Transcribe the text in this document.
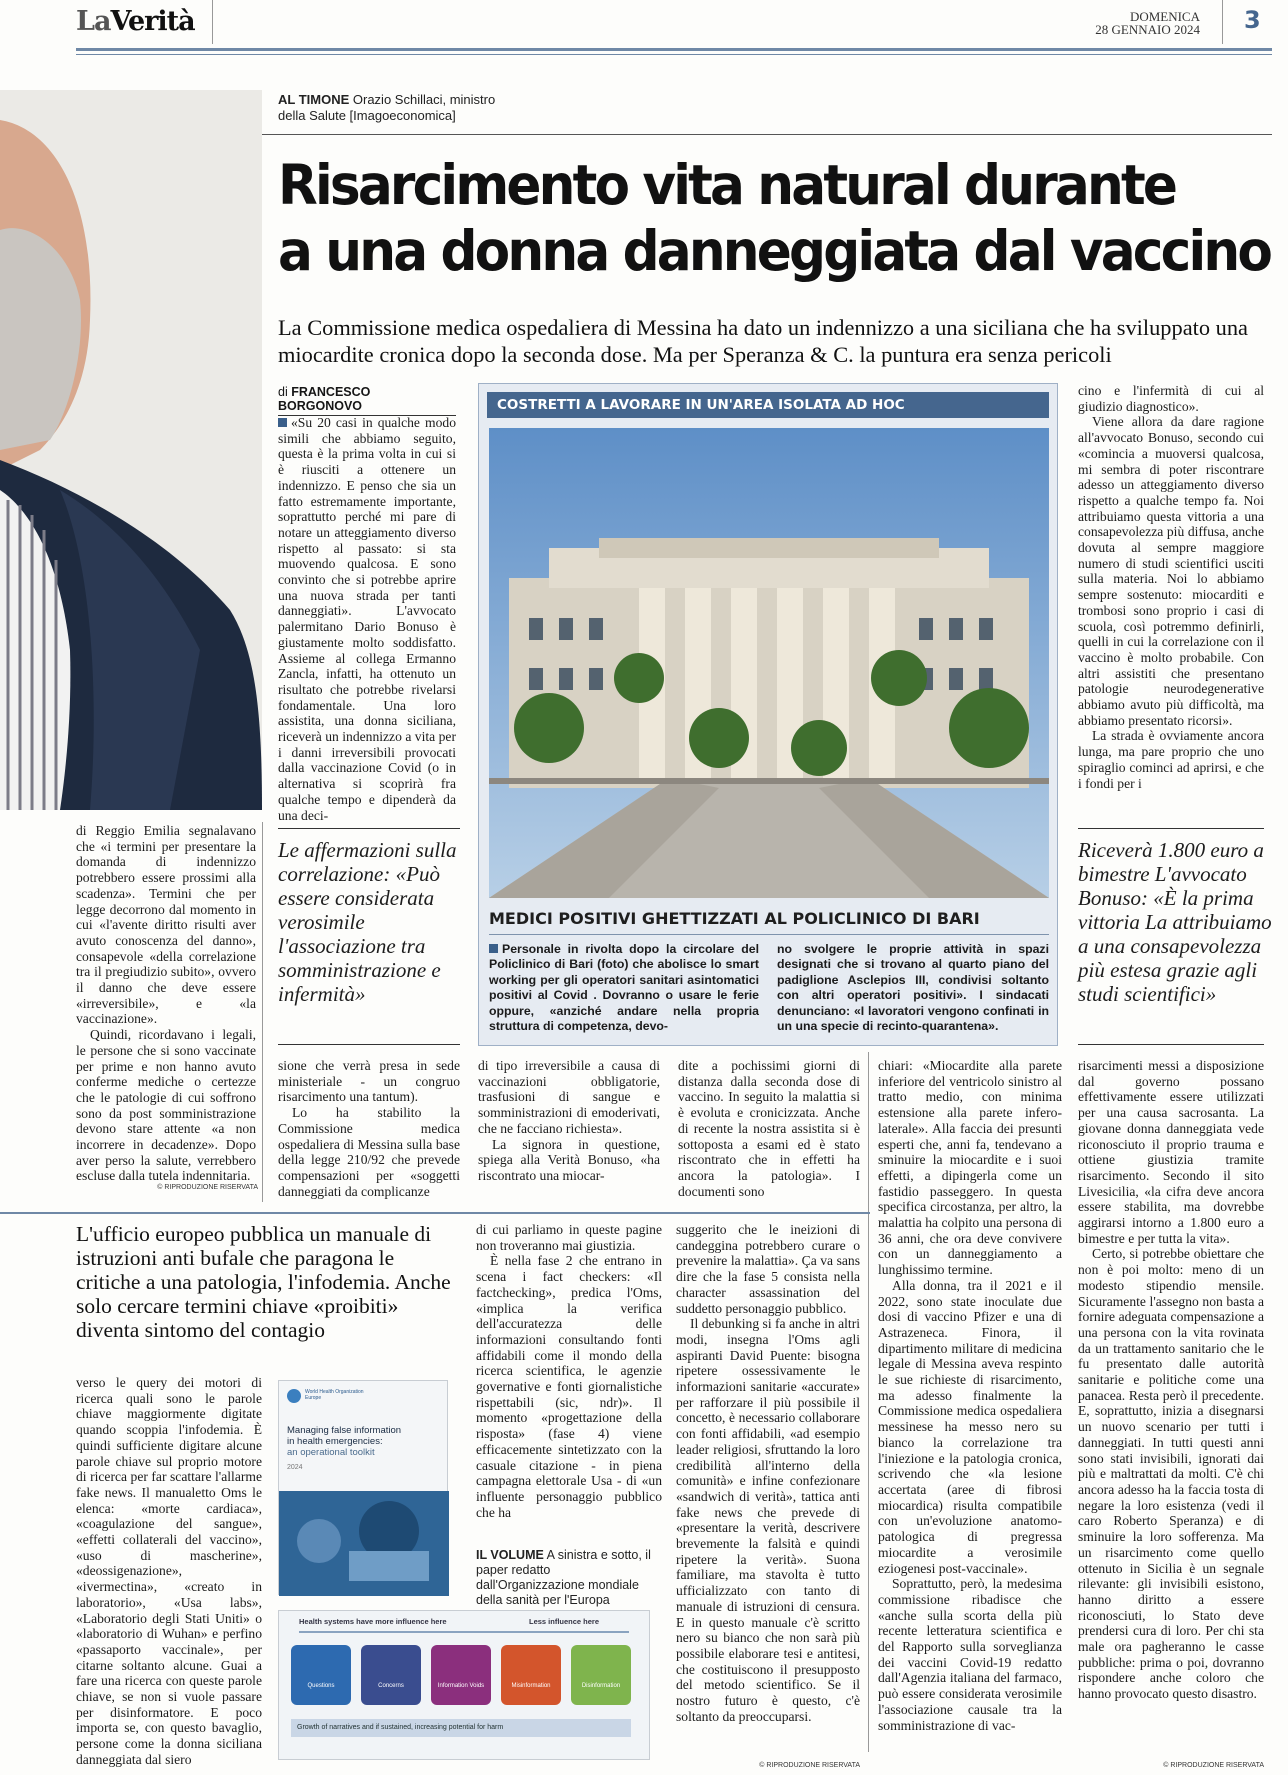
LaVerità	DOMENICA
28 GENNAIO 2024 3
AL TIMONE Orazio Schillaci, ministro della Salute [Imagoeconomica]
Risarcimento vita natural durante
a una donna danneggiata dal vaccino
La Commissione medica ospedaliera di Messina ha dato un indennizzo a una siciliana che ha sviluppato una miocardite cronica dopo la seconda dose. Ma per Speranza & C. la puntura era senza pericoli
di FRANCESCO BORGONOVO

«Su 20 casi in qualche modo simili che abbiamo seguito, questa è la prima volta in cui si è riusciti a ottenere un indennizzo. E penso che sia un fatto estremamente importante, soprattutto perché mi pare di notare un atteggiamento diverso rispetto al passato: si sta muovendo qualcosa. E sono convinto che si potrebbe aprire una nuova strada per tanti danneggiati». L'avvocato palermitano Dario Bonuso è giustamente molto soddisfatto. Assieme al collega Ermanno Zancla, infatti, ha ottenuto un risultato che potrebbe rivelarsi fondamentale. Una loro assistita, una donna siciliana, riceverà un indennizzo a vita per i danni irreversibili provocati dalla vaccinazione Covid (o in alternativa si scoprirà fra qualche tempo e dipenderà da una deci-

di Reggio Emilia segnalavano che «i termini per presentare la domanda di indennizzo potrebbero essere prossimi alla scadenza». Termini che per legge decorrono dal momento in cui «l'avente diritto risulti aver avuto conoscenza del danno», consapevole «della correlazione tra il pregiudizio subito», ovvero il danno che deve essere «irreversibile», e «la vaccinazione».

Quindi, ricordavano i legali, le persone che si sono vaccinate per prime e non hanno avuto conferme mediche o certezze che le patologie di cui soffrono sono da post somministrazione devono stare attente «a non incorrere in decadenze». Dopo aver perso la salute, verrebbero escluse dalla tutela indennitaria.

© RIPRODUZIONE RISERVATA
Le affermazioni sulla correlazione: «Può essere considerata verosimile l'associazione tra somministrazione e infermità»

sione che verrà presa in sede ministeriale - un congruo risarcimento una tantum).

Lo ha stabilito la Commissione medica ospedaliera di Messina sulla base della legge 210/92 che prevede compensazioni per «soggetti danneggiati da complicanze

COSTRETTI A LAVORARE IN UN'AREA ISOLATA AD HOC
MEDICI POSITIVI GHETTIZZATI AL POLICLINICO DI BARI

Personale in rivolta dopo la circolare del Policlinico di Bari (foto) che abolisce lo smart working per gli operatori sanitari asintomatici positivi al Covid . Dovranno o usare le ferie oppure, «anziché andare nella propria struttura di competenza, devo-

no svolgere le proprie attività in spazi designati che si trovano al quarto piano del padiglione Asclepios III, condivisi soltanto con altri operatori positivi». I sindacati denunciano: «I lavoratori vengono confinati in un una specie di recinto-quarantena».

di tipo irreversibile a causa di vaccinazioni obbligatorie, trasfusioni di sangue e somministrazioni di emoderivati, che ne facciano richiesta».

La signora in questione, spiega alla Verità Bonuso, «ha riscontrato una miocar-

dite a pochissimi giorni di distanza dalla seconda dose di vaccino. In seguito la malattia si è evoluta e cronicizzata. Anche di recente la nostra assistita si è sottoposta a esami ed è stato riscontrato che in effetti ha ancora la patologia». I documenti sono

chiari: «Miocardite alla parete inferiore del ventricolo sinistro al tratto medio, con minima estensione alla parete infero-laterale». Alla faccia dei presunti esperti che, anni fa, tendevano a sminuire la miocardite e i suoi effetti, a dipingerla come un fastidio passeggero. In questa specifica circostanza, per altro, la malattia ha colpito una persona di 36 anni, che ora deve convivere con un danneggiamento a lunghissimo termine.

Alla donna, tra il 2021 e il 2022, sono state inoculate due dosi di vaccino Pfizer e una di Astrazeneca. Finora, il dipartimento militare di medicina legale di Messina aveva respinto le sue richieste di risarcimento, ma adesso finalmente la Commissione medica ospedaliera messinese ha messo nero su bianco la correlazione tra l'iniezione e la patologia cronica, scrivendo che «la lesione accertata (aree di fibrosi miocardica) risulta compatibile con un'evoluzione anatomo-patologica di pregressa miocardite a verosimile eziogenesi post-vaccinale».

Soprattutto, però, la medesima commissione ribadisce che «anche sulla scorta della più recente letteratura scientifica e del Rapporto sulla sorveglianza dei vaccini Covid-19 redatto dall'Agenzia italiana del farmaco, può essere considerata verosimile l'associazione causale tra la somministrazione di vac-

cino e l'infermità di cui al giudizio diagnostico».

Viene allora da dare ragione all'avvocato Bonuso, secondo cui «comincia a muoversi qualcosa, mi sembra di poter riscontrare adesso un atteggiamento diverso rispetto a qualche tempo fa. Noi attribuiamo questa vittoria a una consapevolezza più diffusa, anche dovuta al sempre maggiore numero di studi scientifici usciti sulla materia. Noi lo abbiamo sempre sostenuto: miocarditi e trombosi sono proprio i casi di scuola, così potremmo definirli, quelli in cui la correlazione con il vaccino è molto probabile. Con altri assistiti che presentano patologie neurodegenerative abbiamo avuto più difficoltà, ma abbiamo presentato ricorsi».

La strada è ovviamente ancora lunga, ma pare proprio che uno spiraglio cominci ad aprirsi, e che i fondi per i

Riceverà 1.800 euro a bimestre L'avvocato Bonuso: «È la prima vittoria La attribuiamo a una consapevolezza più estesa grazie agli studi scientifici»

risarcimenti messi a disposizione dal governo possano effettivamente essere utilizzati per una causa sacrosanta. La giovane donna danneggiata vede riconosciuto il proprio trauma e ottiene giustizia tramite risarcimento. Secondo il sito Livesicilia, «la cifra deve ancora essere stabilita, ma dovrebbe aggirarsi intorno a 1.800 euro a bimestre e per tutta la vita».

Certo, si potrebbe obiettare che non è poi molto: meno di un modesto stipendio mensile. Sicuramente l'assegno non basta a fornire adeguata compensazione a una persona con la vita rovinata da un trattamento sanitario che le fu presentato dalle autorità sanitarie e politiche come una panacea. Resta però il precedente. E, soprattutto, inizia a disegnarsi un nuovo scenario per tutti i danneggiati. In tutti questi anni sono stati invisibili, ignorati dai più e maltrattati da molti. C'è chi ancora adesso ha la faccia tosta di negare la loro esistenza (vedi il caro Roberto Speranza) e di sminuire la loro sofferenza. Ma un risarcimento come quello ottenuto in Sicilia è un segnale rilevante: gli invisibili esistono, hanno diritto a essere riconosciuti, lo Stato deve prendersi cura di loro. Per chi sta male ora pagheranno le casse pubbliche: prima o poi, dovranno rispondere anche coloro che hanno provocato questo disastro.

© RIPRODUZIONE RISERVATA
L'ufficio europeo pubblica un manuale di istruzioni anti bufale che paragona le critiche a una patologia, l'infodemia. Anche solo cercare termini chiave «proibiti» diventa sintomo del contagio
verso le query dei motori di ricerca quali sono le parole chiave maggiormente digitate quando scoppia l'infodemia. È quindi sufficiente digitare alcune parole chiave sul proprio motore di ricerca per far scattare l'allarme fake news. Il manualetto Oms le elenca: «morte cardiaca», «coagulazione del sangue», «effetti collaterali del vaccino», «uso di mascherine», «deossigenazione», «ivermectina», «creato in laboratorio», «Usa labs», «Laboratorio degli Stati Uniti» o «laboratorio di Wuhan» e perfino «passaporto vaccinale», per citarne soltanto alcune. Guai a fare una ricerca con queste parole chiave, se non si vuole passare per disinformatore. E poco importa se, con questo bavaglio, persone come la donna siciliana danneggiata dal siero
World Health Organization Europe
Managing false information
in health emergencies:
an operational toolkit
2024
Health systems have more influence here	Less influence here
Questions	Concerns	Information Voids	Misinformation	Disinformation
Growth of narratives and if sustained, increasing potential for harm

di cui parliamo in queste pagine non troveranno mai giustizia.

È nella fase 2 che entrano in scena i fact checkers: «Il factchecking», predica l'Oms, «implica la verifica dell'accuratezza delle informazioni consultando fonti affidabili come il mondo della ricerca scientifica, le agenzie governative e fonti giornalistiche rispettabili (sic, ndr)». Il momento «progettazione della risposta» (fase 4) viene efficacemente sintetizzato con la casuale citazione - in piena campagna elettorale Usa - di «un influente personaggio pubblico che ha

IL VOLUME A sinistra e sotto, il paper redatto dall'Organizzazione mondiale della sanità per l'Europa

suggerito che le ineizioni di candeggina potrebbero curare o prevenire la malattia». Ça va sans dire che la fase 5 consista nella character assassination del suddetto personaggio pubblico.

Il debunking si fa anche in altri modi, insegna l'Oms agli aspiranti David Puente: bisogna ripetere ossessivamente le informazioni sanitarie «accurate» per rafforzare il più possibile il concetto, è necessario collaborare con fonti affidabili, «ad esempio leader religiosi, sfruttando la loro credibilità all'interno della comunità» e infine confezionare «sandwich di verità», tattica anti fake news che prevede di «presentare la verità, descrivere brevemente la falsità e quindi ripetere la verità». Suona familiare, ma stavolta è tutto ufficializzato con tanto di manuale di istruzioni di censura. E in questo manuale c'è scritto nero su bianco che non sarà più possibile elaborare tesi e antitesi, che costituiscono il presupposto del metodo scientifico. Se il nostro futuro è questo, c'è soltanto da preoccuparsi.

© RIPRODUZIONE RISERVATA
